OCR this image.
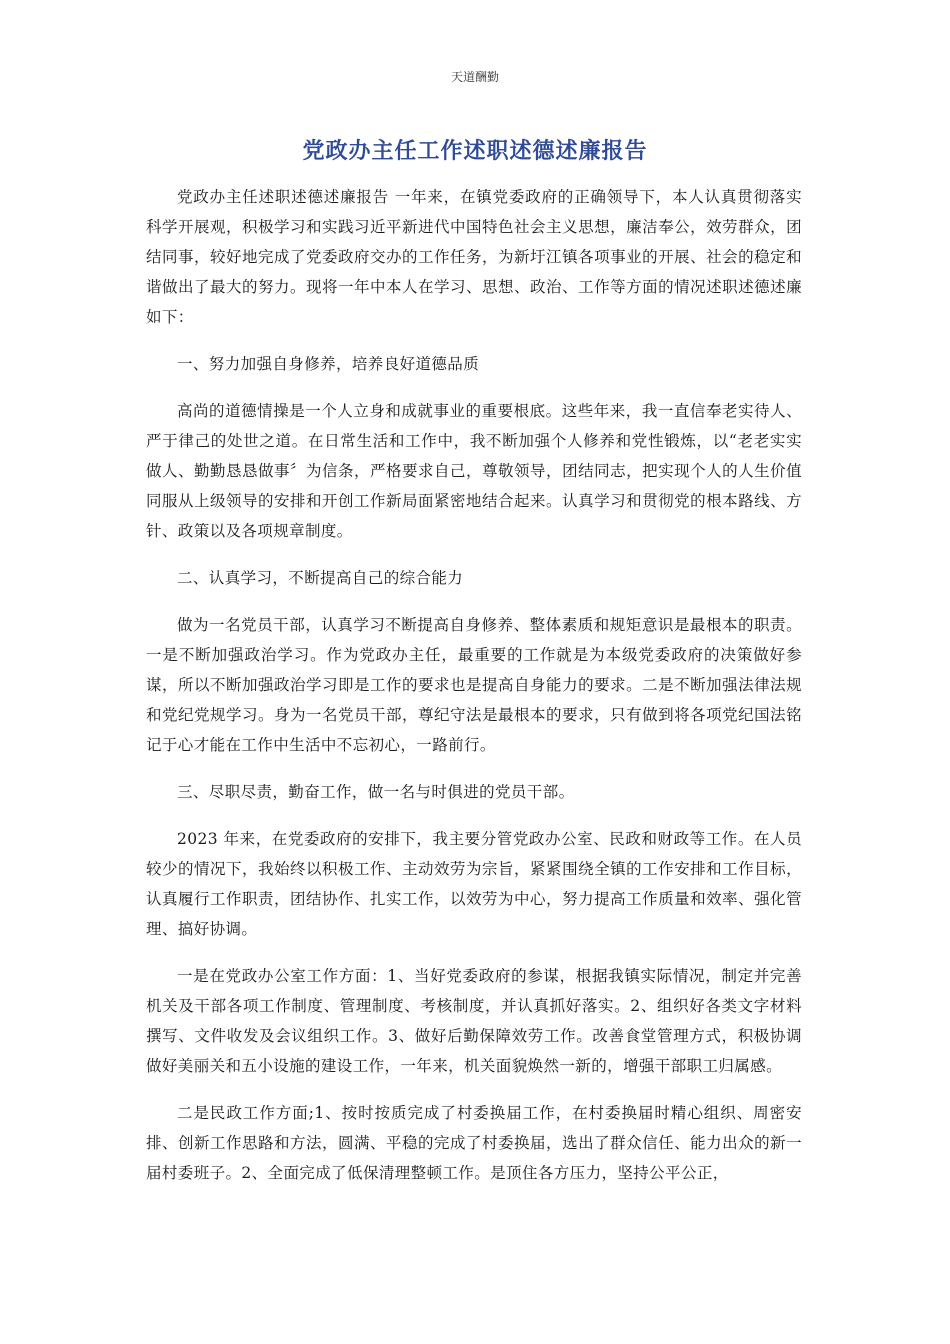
天道酬勤
党政办主任工作述职述德述廉报告

党政办主任述职述德述廉报告 一年来，在镇党委政府的正确领导下，本人认真贯彻落实科学开展观，积极学习和实践习近平新进代中国特色社会主义思想，廉洁奉公，效劳群众，团结同事，较好地完成了党委政府交办的工作任务，为新圩江镇各项事业的开展、社会的稳定和谐做出了最大的努力。现将一年中本人在学习、思想、政治、工作等方面的情况述职述德述廉如下：

一、努力加强自身修养，培养良好道德品质

高尚的道德情操是一个人立身和成就事业的重要根底。这些年来，我一直信奉老实待人、严于律己的处世之道。在日常生活和工作中，我不断加强个人修养和党性锻炼，以“老老实实做人、勤勤恳恳做事〞为信条，严格要求自己，尊敬领导，团结同志，把实现个人的人生价值同服从上级领导的安排和开创工作新局面紧密地结合起来。认真学习和贯彻党的根本路线、方针、政策以及各项规章制度。

二、认真学习，不断提高自己的综合能力

做为一名党员干部，认真学习不断提高自身修养、整体素质和规矩意识是最根本的职责。一是不断加强政治学习。作为党政办主任，最重要的工作就是为本级党委政府的决策做好参谋，所以不断加强政治学习即是工作的要求也是提高自身能力的要求。二是不断加强法律法规和党纪党规学习。身为一名党员干部，尊纪守法是最根本的要求，只有做到将各项党纪国法铭记于心才能在工作中生活中不忘初心，一路前行。

三、尽职尽责，勤奋工作，做一名与时俱进的党员干部。

2023 年来，在党委政府的安排下，我主要分管党政办公室、民政和财政等工作。在人员较少的情况下，我始终以积极工作、主动效劳为宗旨，紧紧围绕全镇的工作安排和工作目标，认真履行工作职责，团结协作、扎实工作，以效劳为中心，努力提高工作质量和效率、强化管理、搞好协调。

一是在党政办公室工作方面：1、当好党委政府的参谋，根据我镇实际情况，制定并完善机关及干部各项工作制度、管理制度、考核制度，并认真抓好落实。2、组织好各类文字材料撰写、文件收发及会议组织工作。3、做好后勤保障效劳工作。改善食堂管理方式，积极协调做好美丽关和五小设施的建设工作，一年来，机关面貌焕然一新的，增强干部职工归属感。

二是民政工作方面;1、按时按质完成了村委换届工作，在村委换届时精心组织、周密安排、创新工作思路和方法，圆满、平稳的完成了村委换届，选出了群众信任、能力出众的新一届村委班子。2、全面完成了低保清理整顿工作。是顶住各方压力，坚持公平公正，
